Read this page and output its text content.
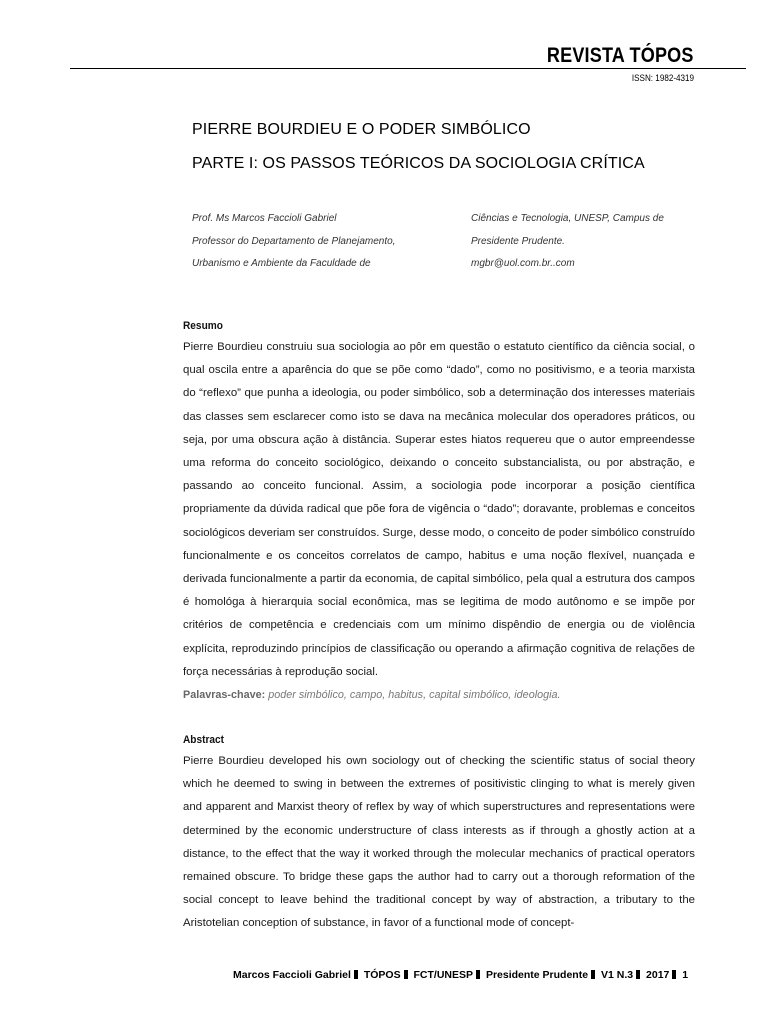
REVISTA TÓPOS
ISSN: 1982-4319
PIERRE BOURDIEU E O PODER SIMBÓLICO
PARTE I: OS PASSOS TEÓRICOS DA SOCIOLOGIA CRÍTICA
Prof. Ms Marcos Faccioli Gabriel
Professor do Departamento de Planejamento,
Urbanismo e Ambiente da Faculdade de
Ciências e Tecnologia, UNESP, Campus de
Presidente Prudente.
mgbr@uol.com.br..com
Resumo
Pierre Bourdieu construiu sua sociologia ao pôr em questão o estatuto científico da ciência social, o qual oscila entre a aparência do que se põe como “dado”, como no positivismo, e a teoria marxista do “reflexo” que punha a ideologia, ou poder simbólico, sob a determinação dos interesses materiais das classes sem esclarecer como isto se dava na mecânica molecular dos operadores práticos, ou seja, por uma obscura ação à distância. Superar estes hiatos requereu que o autor empreendesse uma reforma do conceito sociológico, deixando o conceito substancialista, ou por abstração, e passando ao conceito funcional. Assim, a sociologia pode incorporar a posição científica propriamente da dúvida radical que põe fora de vigência o “dado”; doravante, problemas e conceitos sociológicos deveriam ser construídos. Surge, desse modo, o conceito de poder simbólico construído funcionalmente e os conceitos correlatos de campo, habitus e uma noção flexível, nuançada e derivada funcionalmente a partir da economia, de capital simbólico, pela qual a estrutura dos campos é homológa à hierarquia social econômica, mas se legitima de modo autônomo e se impõe por critérios de competência e credenciais com um mínimo dispêndio de energia ou de violência explícita, reproduzindo princípios de classificação ou operando a afirmação cognitiva de relações de força necessárias à reprodução social.
Palavras-chave: poder simbólico, campo, habitus, capital simbólico, ideologia.
Abstract
Pierre Bourdieu developed his own sociology out of checking the scientific status of social theory which he deemed to swing in between the extremes of positivistic clinging to what is merely given and apparent and Marxist theory of reflex by way of which superstructures and representations were determined by the economic understructure of class interests as if through a ghostly action at a distance, to the effect that the way it worked through the molecular mechanics of practical operators remained obscure. To bridge these gaps the author had to carry out a thorough reformation of the social concept to leave behind the traditional concept by way of abstraction, a tributary to the Aristotelian conception of substance, in favor of a functional mode of concept-
Marcos Faccioli Gabriel TÓPOS FCT/UNESP Presidente Prudente V1 N.3 2017 1
